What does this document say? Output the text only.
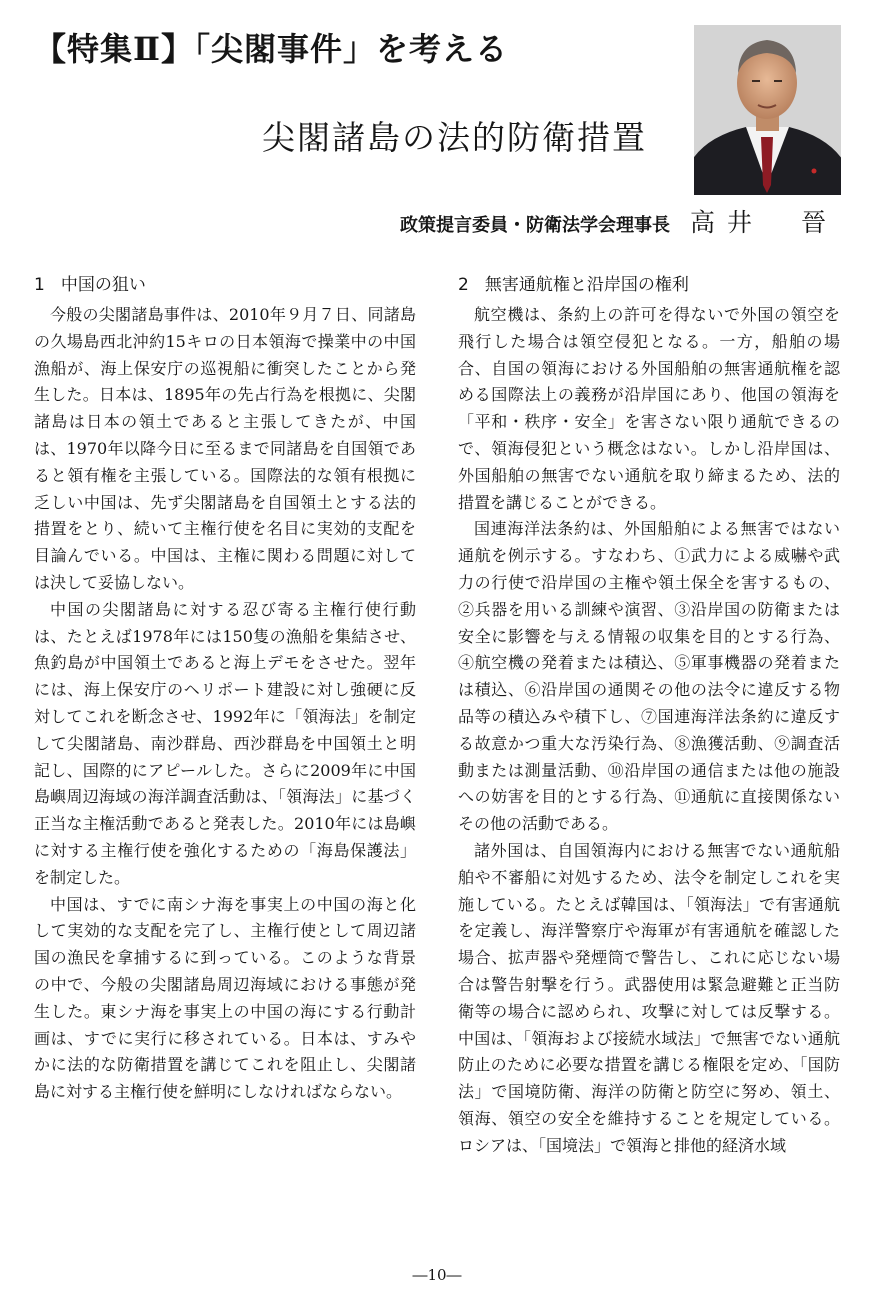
【特集Ⅱ】「尖閣事件」を考える
尖閣諸島の法的防衛措置
政策提言委員・防衛法学会理事長 高井　晉
1 中国の狙い

今般の尖閣諸島事件は、2010年９月７日、同諸島の久場島西北沖約15キロの日本領海で操業中の中国漁船が、海上保安庁の巡視船に衝突したことから発生した。日本は、1895年の先占行為を根拠に、尖閣諸島は日本の領土であると主張してきたが、中国は、1970年以降今日に至るまで同諸島を自国領であると領有権を主張している。国際法的な領有根拠に乏しい中国は、先ず尖閣諸島を自国領土とする法的措置をとり、続いて主権行使を名目に実効的支配を目論んでいる。中国は、主権に関わる問題に対しては決して妥協しない。

中国の尖閣諸島に対する忍び寄る主権行使行動は、たとえば1978年には150隻の漁船を集結させ、魚釣島が中国領土であると海上デモをさせた。翌年には、海上保安庁のヘリポート建設に対し強硬に反対してこれを断念させ、1992年に「領海法」を制定して尖閣諸島、南沙群島、西沙群島を中国領土と明記し、国際的にアピールした。さらに2009年に中国島嶼周辺海域の海洋調査活動は、「領海法」に基づく正当な主権活動であると発表した。2010年には島嶼に対する主権行使を強化するための「海島保護法」を制定した。

中国は、すでに南シナ海を事実上の中国の海と化して実効的な支配を完了し、主権行使として周辺諸国の漁民を拿捕するに到っている。このような背景の中で、今般の尖閣諸島周辺海域における事態が発生した。東シナ海を事実上の中国の海にする行動計画は、すでに実行に移されている。日本は、すみやかに法的な防衛措置を講じてこれを阻止し、尖閣諸島に対する主権行使を鮮明にしなければならない。

2 無害通航権と沿岸国の権利

航空機は、条約上の許可を得ないで外国の領空を飛行した場合は領空侵犯となる。一方，船舶の場合、自国の領海における外国船舶の無害通航権を認める国際法上の義務が沿岸国にあり、他国の領海を「平和・秩序・安全」を害さない限り通航できるので、領海侵犯という概念はない。しかし沿岸国は、外国船舶の無害でない通航を取り締まるため、法的措置を講じることができる。

国連海洋法条約は、外国船舶による無害ではない通航を例示する。すなわち、①武力による威嚇や武力の行使で沿岸国の主権や領土保全を害するもの、②兵器を用いる訓練や演習、③沿岸国の防衛または安全に影響を与える情報の収集を目的とする行為、④航空機の発着または積込、⑤軍事機器の発着または積込、⑥沿岸国の通関その他の法令に違反する物品等の積込みや積下し、⑦国連海洋法条約に違反する故意かつ重大な汚染行為、⑧漁獲活動、⑨調査活動または測量活動、⑩沿岸国の通信または他の施設への妨害を目的とする行為、⑪通航に直接関係ないその他の活動である。

諸外国は、自国領海内における無害でない通航船舶や不審船に対処するため、法令を制定しこれを実施している。たとえば韓国は、「領海法」で有害通航を定義し、海洋警察庁や海軍が有害通航を確認した場合、拡声器や発煙筒で警告し、これに応じない場合は警告射撃を行う。武器使用は緊急避難と正当防衛等の場合に認められ、攻撃に対しては反撃する。中国は、「領海および接続水域法」で無害でない通航防止のために必要な措置を講じる権限を定め、「国防法」で国境防衛、海洋の防衛と防空に努め、領土、領海、領空の安全を維持することを規定している。ロシアは、「国境法」で領海と排他的経済水域

―10―
